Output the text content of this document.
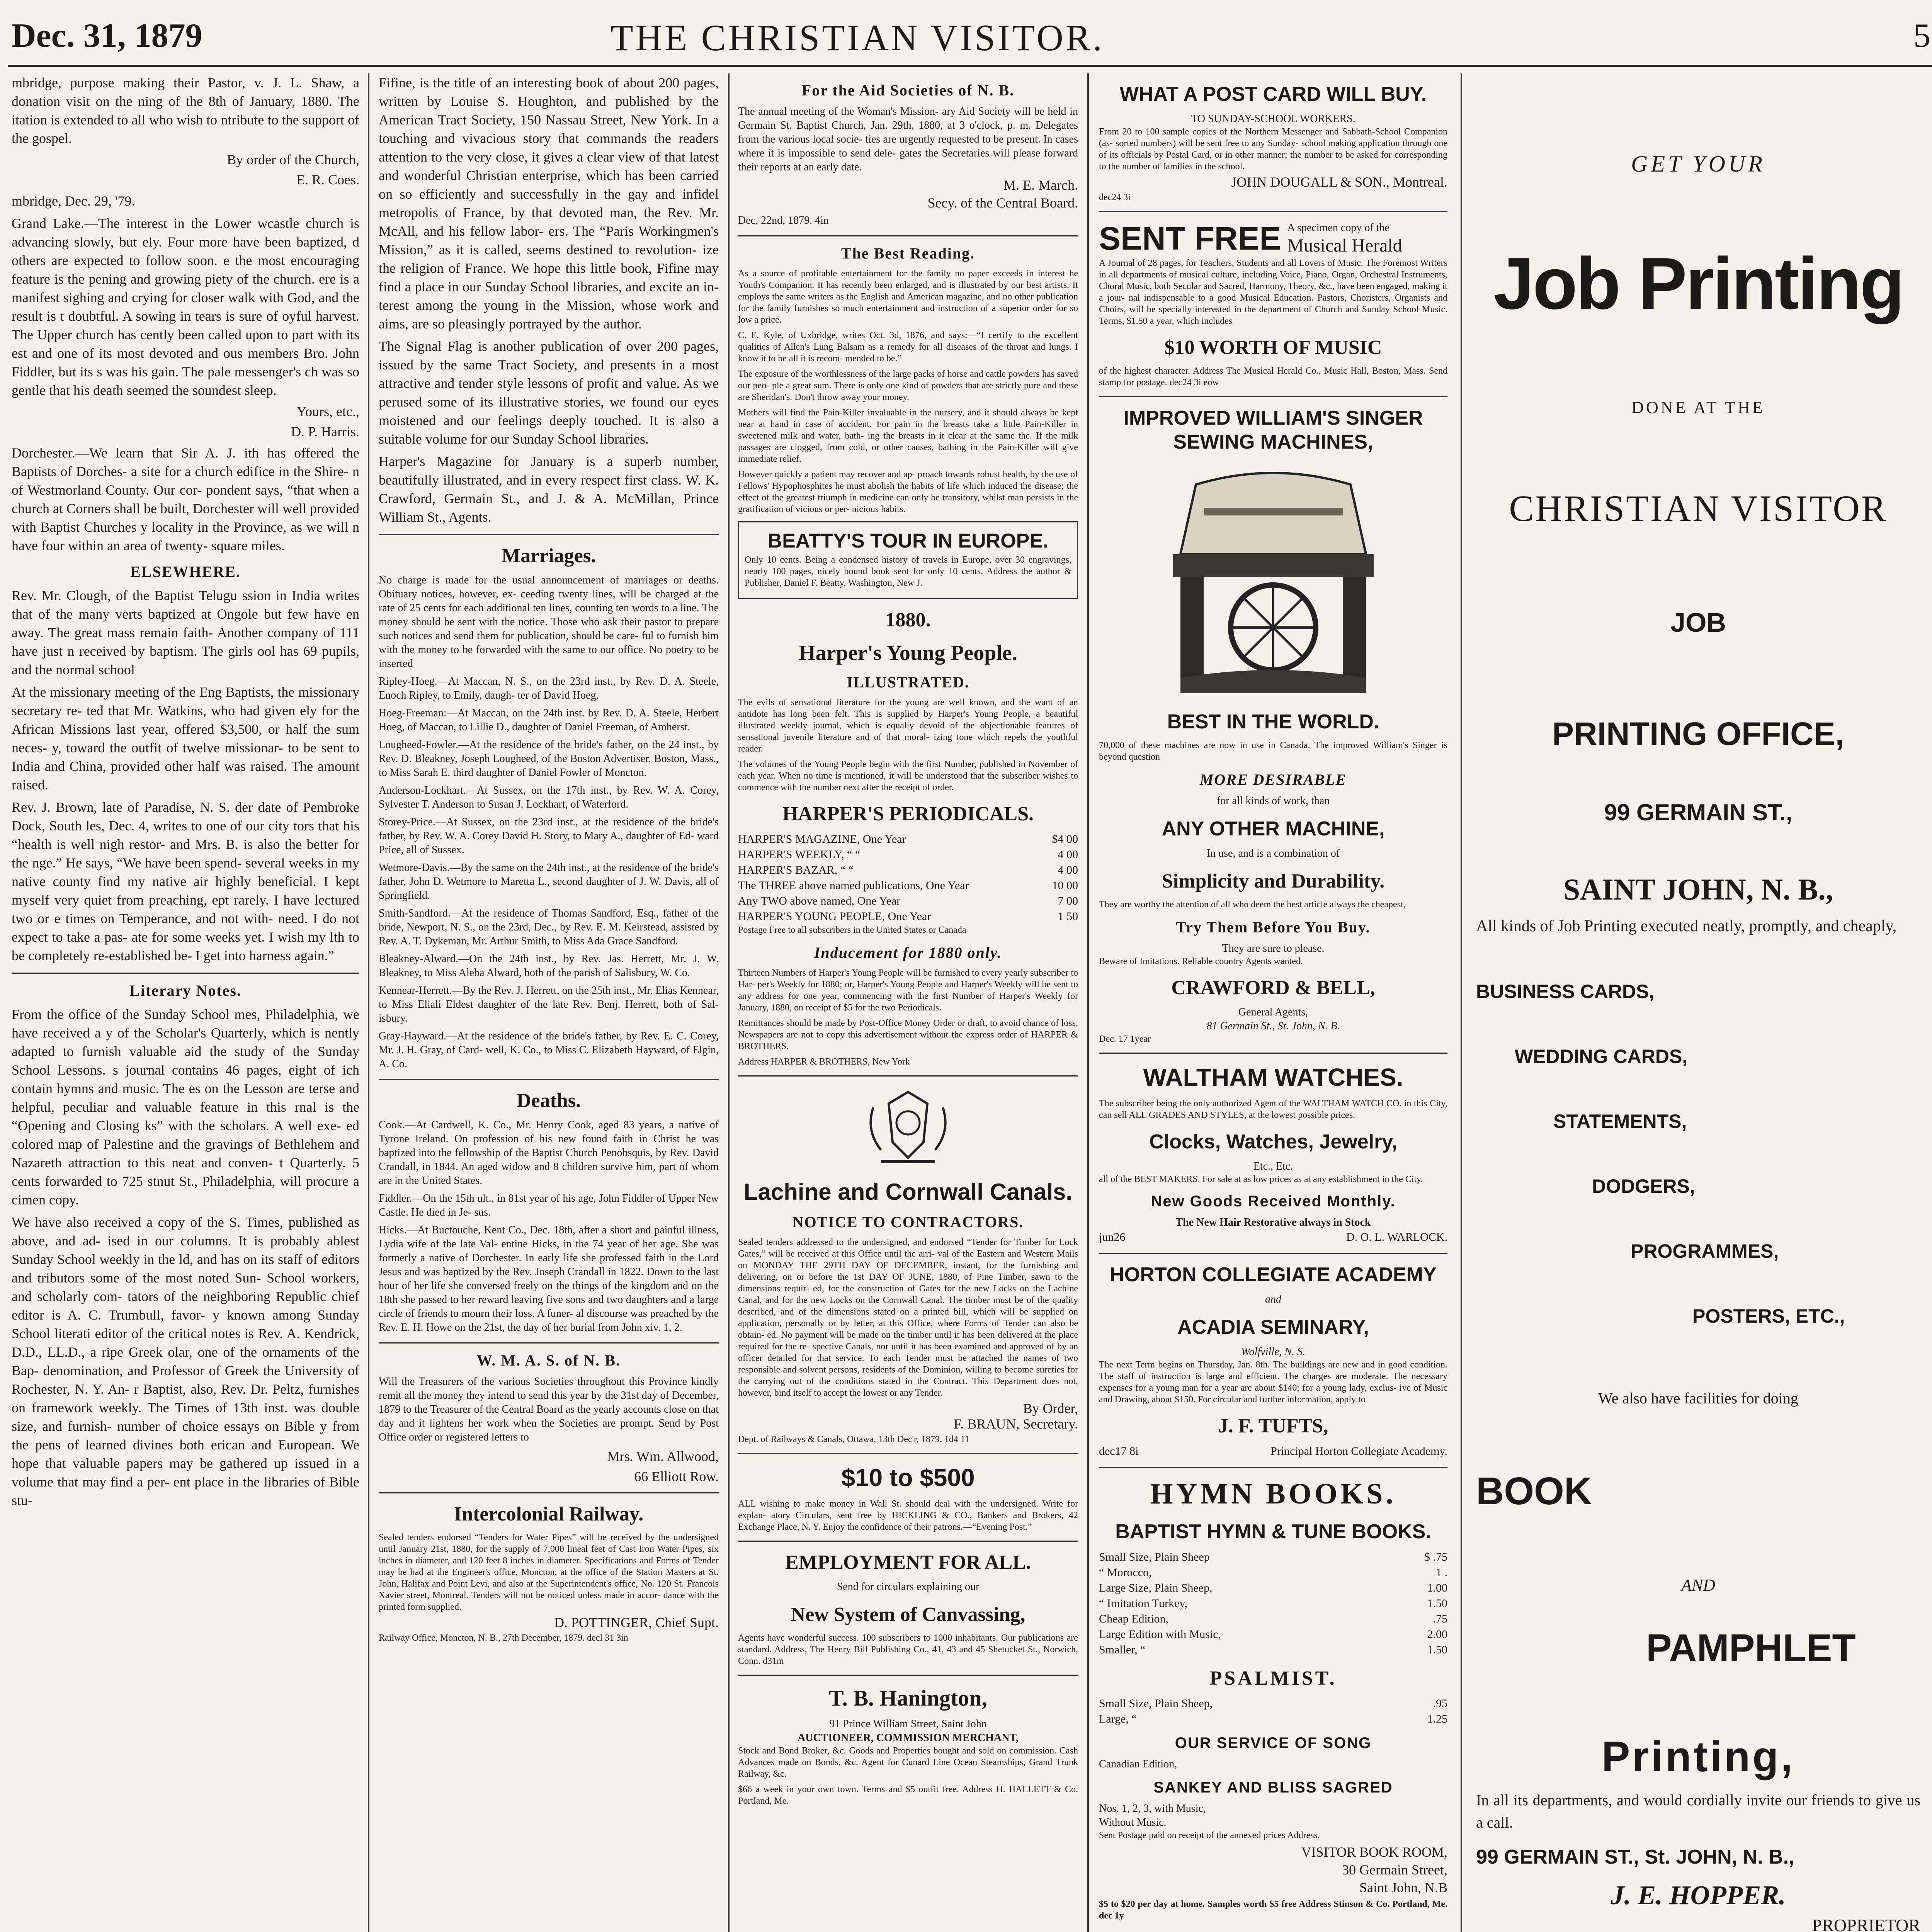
Dec. 31, 1879	THE CHRISTIAN VISITOR.	5

mbridge, purpose making their Pastor, v. J. L. Shaw, a donation visit on the ning of the 8th of January, 1880. The itation is extended to all who wish to ntribute to the support of the gospel.

By order of the Church,
E. R. Coes.

mbridge, Dec. 29, '79.

Grand Lake.—The interest in the Lower wcastle church is advancing slowly, but ely. Four more have been baptized, d others are expected to follow soon. e the most encouraging feature is the pening and growing piety of the church. ere is a manifest sighing and crying for closer walk with God, and the result is t doubtful. A sowing in tears is sure of oyful harvest. The Upper church has cently been called upon to part with its est and one of its most devoted and ous members Bro. John Fiddler, but its s was his gain. The pale messenger's ch was so gentle that his death seemed the soundest sleep.

Yours, etc.,
D. P. Harris.

Dorchester.—We learn that Sir A. J. ith has offered the Baptists of Dorches- a site for a church edifice in the Shire- n of Westmorland County. Our cor- pondent says, “that when a church at Corners shall be built, Dorchester will well provided with Baptist Churches y locality in the Province, as we will n have four within an area of twenty- square miles.

ELSEWHERE.

Rev. Mr. Clough, of the Baptist Telugu ssion in India writes that of the many verts baptized at Ongole but few have en away. The great mass remain faith- Another company of 111 have just n received by baptism. The girls ool has 69 pupils, and the normal school

At the missionary meeting of the Eng Baptists, the missionary secretary re- ted that Mr. Watkins, who had given ely for the African Missions last year, offered $3,500, or half the sum neces- y, toward the outfit of twelve missionar- to be sent to India and China, provided other half was raised. The amount raised.

Rev. J. Brown, late of Paradise, N. S. der date of Pembroke Dock, South les, Dec. 4, writes to one of our city tors that his “health is well nigh restor- and Mrs. B. is also the better for the nge.” He says, “We have been spend- several weeks in my native county find my native air highly beneficial. I kept myself very quiet from preaching, ept rarely. I have lectured two or e times on Temperance, and not with- need. I do not expect to take a pas- ate for some weeks yet. I wish my lth to be completely re-established be- I get into harness again.”

Literary Notes.

From the office of the Sunday School mes, Philadelphia, we have received a y of the Scholar's Quarterly, which is nently adapted to furnish valuable aid the study of the Sunday School Lessons. s journal contains 46 pages, eight of ich contain hymns and music. The es on the Lesson are terse and helpful, peculiar and valuable feature in this rnal is the “Opening and Closing ks” with the scholars. A well exe- ed colored map of Palestine and the gravings of Bethlehem and Nazareth attraction to this neat and conven- t Quarterly. 5 cents forwarded to 725 stnut St., Philadelphia, will procure a cimen copy.

We have also received a copy of the S. Times, published as above, and ad- ised in our columns. It is probably ablest Sunday School weekly in the ld, and has on its staff of editors and tributors some of the most noted Sun- School workers, and scholarly com- tators of the neighboring Republic chief editor is A. C. Trumbull, favor- y known among Sunday School literati editor of the critical notes is Rev. A. Kendrick, D.D., LL.D., a ripe Greek olar, one of the ornaments of the Bap- denomination, and Professor of Greek the University of Rochester, N. Y. An- r Baptist, also, Rev. Dr. Peltz, furnishes on framework weekly. The Times of 13th inst. was double size, and furnish- number of choice essays on Bible y from the pens of learned divines both erican and European. We hope that valuable papers may be gathered up issued in a volume that may find a per- ent place in the libraries of Bible stu-

Fifine, is the title of an interesting book of about 200 pages, written by Louise S. Houghton, and published by the American Tract Society, 150 Nassau Street, New York. In a touching and vivacious story that commands the readers attention to the very close, it gives a clear view of that latest and wonderful Christian enterprise, which has been carried on so efficiently and successfully in the gay and infidel metropolis of France, by that devoted man, the Rev. Mr. McAll, and his fellow labor- ers. The “Paris Workingmen's Mission,” as it is called, seems destined to revolution- ize the religion of France. We hope this little book, Fifine may find a place in our Sunday School libraries, and excite an in- terest among the young in the Mission, whose work and aims, are so pleasingly portrayed by the author.

The Signal Flag is another publication of over 200 pages, issued by the same Tract Society, and presents in a most attractive and tender style lessons of profit and value. As we perused some of its illustrative stories, we found our eyes moistened and our feelings deeply touched. It is also a suitable volume for our Sunday School libraries.

Harper's Magazine for January is a superb number, beautifully illustrated, and in every respect first class. W. K. Crawford, Germain St., and J. & A. McMillan, Prince William St., Agents.

Marriages.

No charge is made for the usual announcement of marriages or deaths. Obituary notices, however, ex- ceeding twenty lines, will be charged at the rate of 25 cents for each additional ten lines, counting ten words to a line. The money should be sent with the notice. Those who ask their pastor to prepare such notices and send them for publication, should be care- ful to furnish him with the money to be forwarded with the same to our office. No poetry to be inserted

Ripley-Hoeg.—At Maccan, N. S., on the 23rd inst., by Rev. D. A. Steele, Enoch Ripley, to Emily, daugh- ter of David Hoeg.

Hoeg-Freeman:—At Maccan, on the 24th inst. by Rev. D. A. Steele, Herbert Hoeg, of Maccan, to Lillie D., daughter of Daniel Freeman, of Amherst.

Lougheed-Fowler.—At the residence of the bride's father, on the 24 inst., by Rev. D. Bleakney, Joseph Lougheed, of the Boston Advertiser, Boston, Mass., to Miss Sarah E. third daughter of Daniel Fowler of Moncton.

Anderson-Lockhart.—At Sussex, on the 17th inst., by Rev. W. A. Corey, Sylvester T. Anderson to Susan J. Lockhart, of Waterford.

Storey-Price.—At Sussex, on the 23rd inst., at the residence of the bride's father, by Rev. W. A. Corey David H. Story, to Mary A., daughter of Ed- ward Price, all of Sussex.

Wetmore-Davis.—By the same on the 24th inst., at the residence of the bride's father, John D. Wetmore to Maretta L., second daughter of J. W. Davis, all of Springfield.

Smith-Sandford.—At the residence of Thomas Sandford, Esq., father of the bride, Newport, N. S., on the 23rd, Dec., by Rev. E. M. Keirstead, assisted by Rev. A. T. Dykeman, Mr. Arthur Smith, to Miss Ada Grace Sandford.

Bleakney-Alward.—On the 24th inst., by Rev. Jas. Herrett, Mr. J. W. Bleakney, to Miss Aleba Alward, both of the parish of Salisbury, W. Co.

Kennear-Herrett.—By the Rev. J. Herrett, on the 25th inst., Mr. Elias Kennear, to Miss Eliali Eldest daughter of the late Rev. Benj. Herrett, both of Sal- isbury.

Gray-Hayward.—At the residence of the bride's father, by Rev. E. C. Corey, Mr. J. H. Gray, of Card- well, K. Co., to Miss C. Elizabeth Hayward, of Elgin, A. Co.

Deaths.

Cook.—At Cardwell, K. Co., Mr. Henry Cook, aged 83 years, a native of Tyrone Ireland. On profession of his new found faith in Christ he was baptized into the fellowship of the Baptist Church Penobsquis, by Rev. David Crandall, in 1844. An aged widow and 8 children survive him, part of whom are in the United States.

Fiddler.—On the 15th ult., in 81st year of his age, John Fiddler of Upper New Castle. He died in Je- sus.

Hicks.—At Buctouche, Kent Co., Dec. 18th, after a short and painful illness, Lydia wife of the late Val- entine Hicks, in the 74 year of her age. She was formerly a native of Dorchester. In early life she professed faith in the Lord Jesus and was baptized by the Rev. Joseph Crandall in 1822. Down to the last hour of her life she conversed freely on the things of the kingdom and on the 18th she passed to her reward leaving five sons and two daughters and a large circle of friends to mourn their loss. A funer- al discourse was preached by the Rev. E. H. Howe on the 21st, the day of her burial from John xiv. 1, 2.

W. M. A. S. of N. B.

Will the Treasurers of the various Societies throughout this Province kindly remit all the money they intend to send this year by the 31st day of December, 1879 to the Treasurer of the Central Board as the yearly accounts close on that day and it lightens her work when the Societies are prompt. Send by Post Office order or registered letters to

Mrs. Wm. Allwood,
66 Elliott Row.
Intercolonial Railway.

Sealed tenders endorsed “Tenders for Water Pipes” will be received by the undersigned until January 21st, 1880, for the supply of 7,000 lineal feet of Cast Iron Water Pipes, six inches in diameter, and 120 feet 8 inches in diameter. Specifications and Forms of Tender may be had at the Engineer's office, Moncton, at the office of the Station Masters at St. John, Halifax and Point Levi, and also at the Superintendent's office, No. 120 St. Francois Xavier street, Montreal. Tenders will not be noticed unless made in accor- dance with the printed form supplied.

D. POTTINGER, Chief Supt.

Railway Office, Moncton, N. B., 27th December, 1879. decl 31 3in

For the Aid Societies of N. B.

The annual meeting of the Woman's Mission- ary Aid Society will be held in Germain St. Baptist Church, Jan. 29th, 1880, at 3 o'clock, p. m. Delegates from the various local socie- ties are urgently requested to be present. In cases where it is impossible to send dele- gates the Secretaries will please forward their reports at an early date.

M. E. March.
Secy. of the Central Board.

Dec, 22nd, 1879. 4in

The Best Reading.

As a source of profitable entertainment for the family no paper exceeds in interest he Youth's Companion. It has recently been enlarged, and is illustrated by our best artists. It employs the same writers as the English and American magazine, and no other publication for the family furnishes so much entertainment and instruction of a superior order for so low a price.

C. E. Kyle, of Uxbridge, writes Oct. 3d, 1876, and says:—“I certify to the excellent qualities of Allen's Lung Balsam as a remedy for all diseases of the throat and lungs. I know it to be all it is recom- mended to be.”

The exposure of the worthlessness of the large packs of horse and cattle powders has saved our peo- ple a great sum. There is only one kind of powders that are strictly pure and these are Sheridan's. Don't throw away your money.

Mothers will find the Pain-Killer invaluable in the nursery, and it should always be kept near at hand in case of accident. For pain in the breasts take a little Pain-Killer in sweetened milk and water, bath- ing the breasts in it clear at the same the. If the milk passages are clogged, from cold, or other causes, bathing in the Pain-Killer will give immediate relief.

However quickly a patient may recover and ap- proach towards robust health, by the use of Fellows' Hypophosphites he must abolish the habits of life which induced the disease; the effect of the greatest triumph in medicine can only be transitory, whilst man persists in the gratification of vicious or per- nicious habits.

BEATTY'S TOUR IN EUROPE.

Only 10 cents. Being a condensed history of travels in Europe, over 30 engravings, nearly 100 pages, nicely bound book sent for only 10 cents. Address the author & Publisher, Daniel F. Beatty, Washington, New J.

1880.
Harper's Young People.
ILLUSTRATED.

The evils of sensational literature for the young are well known, and the want of an antidote has long been felt. This is supplied by Harper's Young People, a beautiful illustrated weekly journal, which is equally devoid of the objectionable features of sensational juvenile literature and of that moral- izing tone which repels the youthful reader.

The volumes of the Young People begin with the first Number, published in November of each year. When no time is mentioned, it will be understood that the subscriber wishes to commence with the number next after the receipt of order.

HARPER'S PERIODICALS.
HARPER'S MAGAZINE, One Year	$4 00
HARPER'S WEEKLY, “ “	4 00
HARPER'S BAZAR, “ “	4 00
The THREE above named publications, One Year	10 00
Any TWO above named, One Year	7 00
HARPER'S YOUNG PEOPLE, One Year	1 50

Postage Free to all subscribers in the United States or Canada

Inducement for 1880 only.

Thirteen Numbers of Harper's Young People will be furnished to every yearly subscriber to Har- per's Weekly for 1880; or, Harper's Young People and Harper's Weekly will be sent to any address for one year, commencing with the first Number of Harper's Weekly for January, 1880, on receipt of $5 for the two Periodicals.

Remittances should be made by Post-Office Money Order or draft, to avoid chance of loss. Newspapers are not to copy this advertisement without the express order of HARPER & BROTHERS.

Address HARPER & BROTHERS, New York

Lachine and Cornwall Canals.
NOTICE TO CONTRACTORS.

Sealed tenders addressed to the undersigned, and endorsed “Tender for Timber for Lock Gates,” will be received at this Office until the arri- val of the Eastern and Western Mails on MONDAY THE 29TH DAY OF DECEMBER, instant, for the furnishing and delivering, on or before the 1st DAY OF JUNE, 1880, of Pine Timber, sawn to the dimensions requir- ed, for the construction of Gates for the new Locks on the Lachine Canal, and for the new Locks on the Cornwall Canal. The timber must be of the quality described, and of the dimensions stated on a printed bill, which will be supplied on application, personally or by letter, at this Office, where Forms of Tender can also be obtain- ed. No payment will be made on the timber until it has been delivered at the place required for the re- spective Canals, nor until it has been examined and approved of by an officer detailed for that service. To each Tender must be attached the names of two responsible and solvent persons, residents of the Dominion, willing to become sureties for the carrying out of the conditions stated in the Contract. This Department does not, however, bind itself to accept the lowest or any Tender.

By Order,
F. BRAUN, Secretary.

Dept. of Railways & Canals, Ottawa, 13th Dec'r, 1879. 1d4 11

$10 to $500

ALL wishing to make money in Wall St. should deal with the undersigned. Write for explan- atory Circulars, sent free by HICKLING & CO., Bankers and Brokers, 42 Exchange Place, N. Y. Enjoy the confidence of their patrons.—“Evening Post.”

EMPLOYMENT FOR ALL.
Send for circulars explaining our
New System of Canvassing,

Agents have wonderful success. 100 subscribers to 1000 inhabitants. Our publications are standard. Address, The Henry Bill Publishing Co., 41, 43 and 45 Shetucket St., Norwich, Conn. d31m

T. B. Hanington,
91 Prince William Street, Saint John
AUCTIONEER, COMMISSION MERCHANT,

Stock and Bond Broker, &c. Goods and Properties bought and sold on commission. Cash Advances made on Bonds, &c. Agent for Cunard Line Ocean Steamships, Grand Trunk Railway, &c.

$66 a week in your own town. Terms and $5 outfit free. Address H. HALLETT & Co. Portland, Me.

WHAT A POST CARD WILL BUY.
TO SUNDAY-SCHOOL WORKERS.

From 20 to 100 sample copies of the Northern Messenger and Sabbath-School Companion (as- sorted numbers) will be sent free to any Sunday- school making application through one of its officials by Postal Card, or in other manner; the number to be asked for corresponding to the number of families in the school.

JOHN DOUGALL & SON., Montreal.

dec24 3i

SENT FREE A specimen copy of the
Musical Herald

A Journal of 28 pages, for Teachers, Students and all Lovers of Music. The Foremost Writers in all departments of musical culture, including Voice, Piano, Organ, Orchestral Instruments, Choral Music, both Secular and Sacred, Harmony, Theory, &c., have been engaged, making it a jour- nal indispensable to a good Musical Education. Pastors, Choristers, Organists and Choirs, will be specially interested in the department of Church and Sunday School Music. Terms, $1.50 a year, which includes

$10 WORTH OF MUSIC

of the highest character. Address The Musical Herald Co., Music Hall, Boston, Mass. Send stamp for postage. dec24 3i eow

IMPROVED WILLIAM'S SINGER
SEWING MACHINES,
BEST IN THE WORLD.

70,000 of these machines are now in use in Canada. The improved William's Singer is beyond question

MORE DESIRABLE
for all kinds of work, than
ANY OTHER MACHINE,
In use, and is a combination of
Simplicity and Durability.

They are worthy the attention of all who deem the best article always the cheapest,

Try Them Before You Buy.
They are sure to please.

Beware of Imitations. Reliable country Agents wanted.

CRAWFORD & BELL,
General Agents,
81 Germain St., St. John, N. B.

Dec. 17 1year

WALTHAM WATCHES.

The subscriber being the only authorized Agent of the WALTHAM WATCH CO. in this City, can sell ALL GRADES AND STYLES, at the lowest possible prices.

Clocks, Watches, Jewelry,
Etc., Etc.

all of the BEST MAKERS. For sale at as low prices as at any establishment in the City.

New Goods Received Monthly.
The New Hair Restorative always in Stock
jun26	D. O. L. WARLOCK.
HORTON COLLEGIATE ACADEMY
and
ACADIA SEMINARY,
Wolfville, N. S.

The next Term begins on Thursday, Jan. 8th. The buildings are new and in good condition. The staff of instruction is large and efficient. The charges are moderate. The necessary expenses for a young man for a year are about $140; for a young lady, exclus- ive of Music and Drawing, about $150. For circular and further information, apply to

J. F. TUFTS,
dec17 8i	Principal Horton Collegiate Academy.
HYMN BOOKS.
BAPTIST HYMN & TUNE BOOKS.
Small Size, Plain Sheep	$ .75
“ Morocco,	1 .
Large Size, Plain Sheep,	1.00
“ Imitation Turkey,	1.50
Cheap Edition,	.75
Large Edition with Music,	2.00
Smaller, “	1.50
PSALMIST.
Small Size, Plain Sheep,	.95
Large, “	1.25
OUR SERVICE OF SONG
Canadian Edition,
SANKEY AND BLISS SAGRED
Nos. 1, 2, 3, with Music,
Without Music.

Sent Postage paid on receipt of the annexed prices Address,

VISITOR BOOK ROOM,
30 Germain Street,
Saint John, N.B

$5 to $20 per day at home. Samples worth $5 free Address Stinson & Co. Portland, Me. dec 1y

GET YOUR
Job Printing
DONE AT THE
CHRISTIAN VISITOR
JOB
PRINTING OFFICE,
99 GERMAIN ST.,
SAINT JOHN, N. B.,

All kinds of Job Printing executed neatly, promptly, and cheaply,

BUSINESS CARDS,
WEDDING CARDS,
STATEMENTS,
DODGERS,
PROGRAMMES,
POSTERS, ETC.,
We also have facilities for doing
BOOK
AND
PAMPHLET
Printing,

In all its departments, and would cordially invite our friends to give us a call.

99 GERMAIN ST., St. JOHN, N. B.,
J. E. HOPPER.
PROPRIETOR
